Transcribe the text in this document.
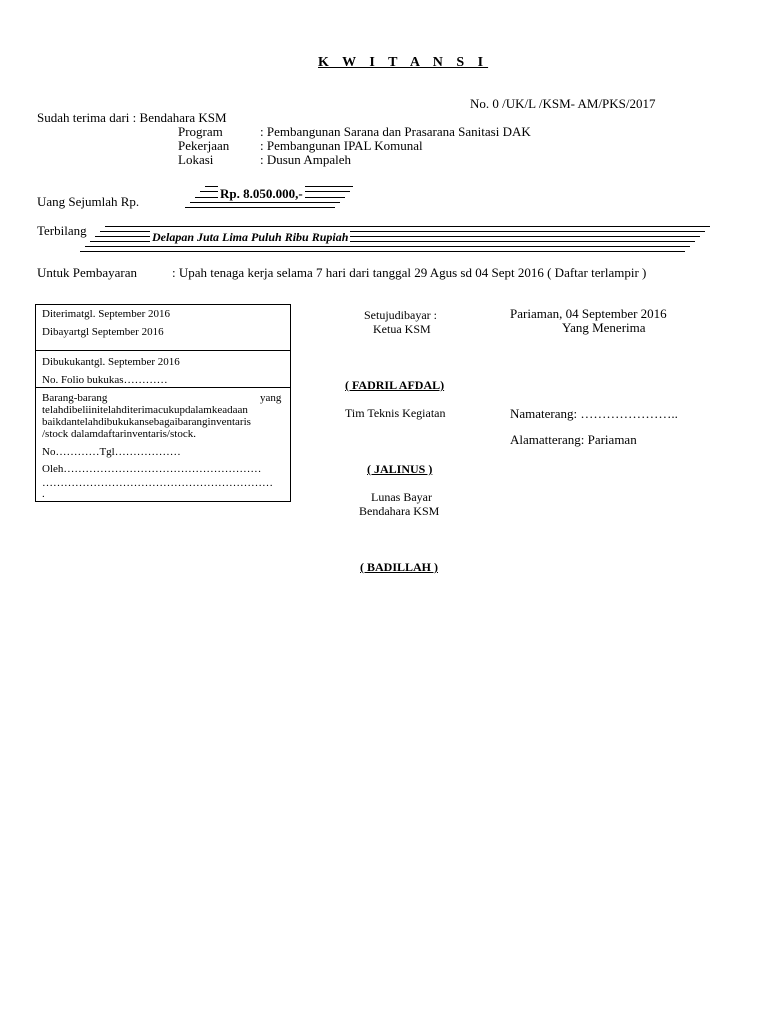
K W I T A N S I
No. 0 /UK/L /KSM- AM/PKS/2017
Sudah terima dari : Bendahara KSM
Program	: Pembangunan Sarana dan Prasarana Sanitasi DAK
Pekerjaan : Pembangunan IPAL Komunal
Lokasi	: Dusun Ampaleh
Uang Sejumlah Rp.
Rp. 8.050.000,-
Terbilang	Delapan Juta Lima Puluh Ribu Rupiah
Untuk Pembayaran	: Upah tenaga kerja selama 7 hari dari tanggal 29 Agus sd 04 Sept 2016 ( Daftar terlampir )
Diterimatgl. September 2016
Dibayartgl September 2016
Dibukukantgl. September 2016
No. Folio bukukas…………
Barang-barang	yang
telahdibeliinitelahditerimacukupdalamkeadaan
baikdantelahdibukukansebagaibaranginventaris
/stock dalamdaftarinventaris/stock.
No…………Tgl………………
Oleh………………………………………………
………………………………………………………
.
Setujudibayar :
Ketua KSM
( FADRIL AFDAL)
Tim Teknis Kegiatan
( JALINUS )
Lunas Bayar
Bendahara KSM
( BADILLAH )
Pariaman, 04 September 2016
Yang Menerima
Namaterang: …………………..
Alamatterang: Pariaman
